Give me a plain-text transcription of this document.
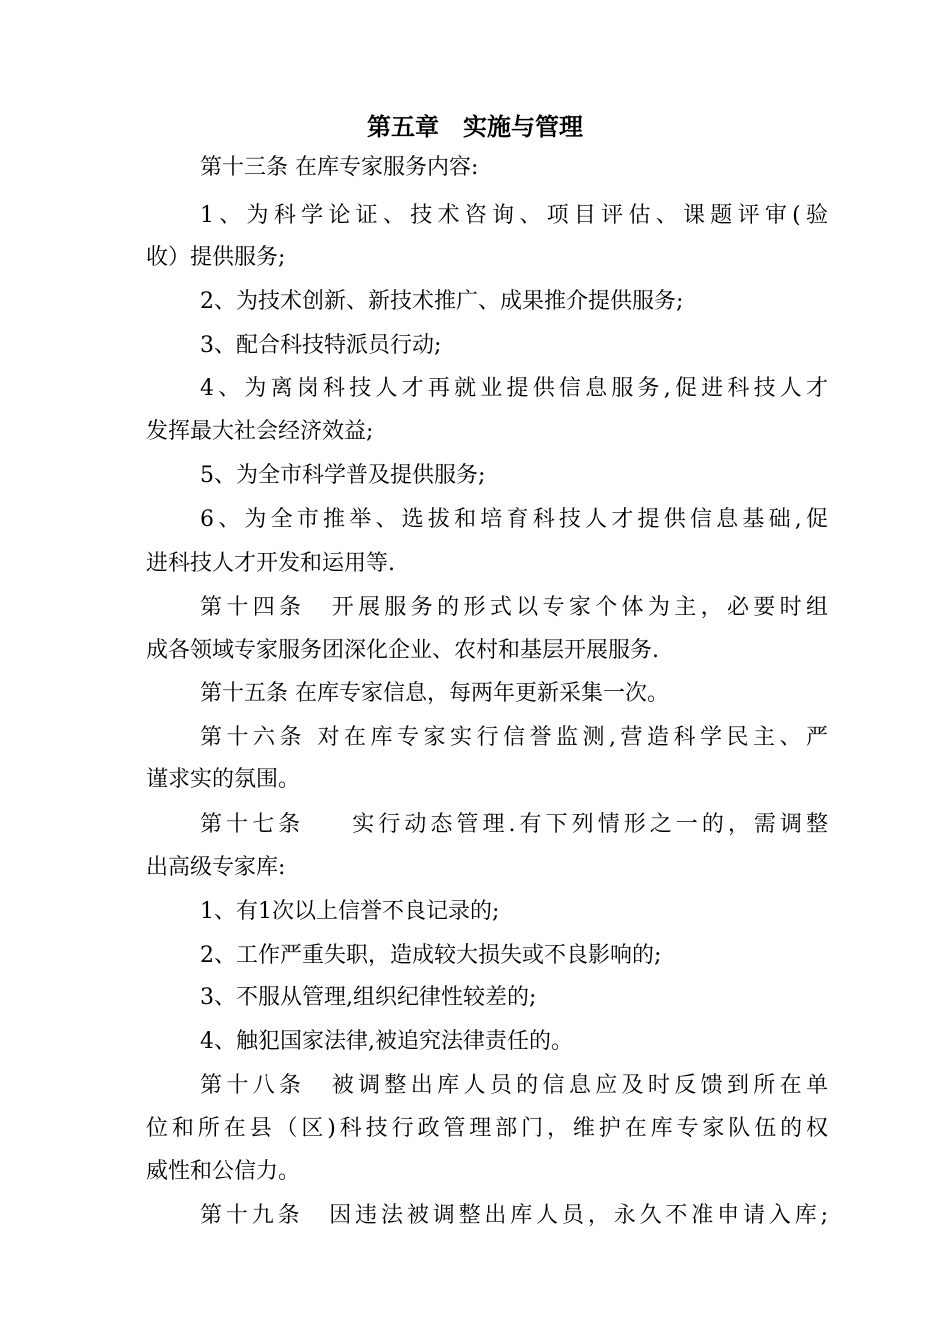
第五章　实施与管理
第十三条 在库专家服务内容:
1、为科学论证、技术咨询、项目评估、课题评审(验
收）提供服务;
2、为技术创新、新技术推广、成果推介提供服务;
3、配合科技特派员行动;
4、为离岗科技人才再就业提供信息服务,促进科技人才
发挥最大社会经济效益;
5、为全市科学普及提供服务;
6、为全市推举、选拔和培育科技人才提供信息基础,促
进科技人才开发和运用等.
第十四条　开展服务的形式以专家个体为主，必要时组
成各领域专家服务团深化企业、农村和基层开展服务.
第十五条 在库专家信息，每两年更新采集一次。
第十六条 对在库专家实行信誉监测,营造科学民主、严
谨求实的氛围。
第十七条　  实行动态管理.有下列情形之一的，需调整
出高级专家库:
1、有1次以上信誉不良记录的;
2、工作严重失职，造成较大损失或不良影响的;
3、不服从管理,组织纪律性较差的;
4、触犯国家法律,被追究法律责任的。
第十八条　被调整出库人员的信息应及时反馈到所在单
位和所在县（区)科技行政管理部门，维护在库专家队伍的权
威性和公信力。
第十九条　因违法被调整出库人员，永久不准申请入库;
